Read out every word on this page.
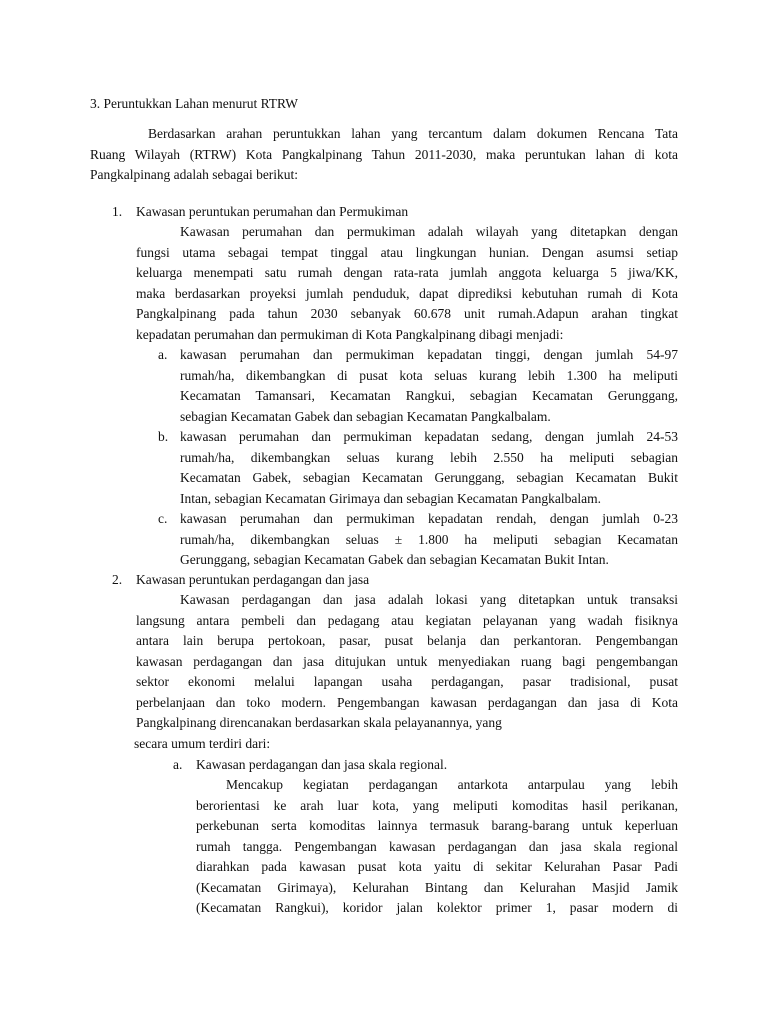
3. Peruntukkan Lahan menurut RTRW
Berdasarkan arahan peruntukkan lahan yang tercantum dalam dokumen Rencana Tata
Ruang Wilayah (RTRW) Kota Pangkalpinang Tahun 2011-2030, maka peruntukan lahan di kota
Pangkalpinang adalah sebagai berikut:
1. Kawasan peruntukan perumahan dan Permukiman
Kawasan perumahan dan permukiman adalah wilayah yang ditetapkan dengan
fungsi utama sebagai tempat tinggal atau lingkungan hunian. Dengan asumsi setiap
keluarga menempati satu rumah dengan rata-rata jumlah anggota keluarga 5 jiwa/KK,
maka berdasarkan proyeksi jumlah penduduk, dapat diprediksi kebutuhan rumah di Kota
Pangkalpinang pada tahun 2030 sebanyak 60.678 unit rumah.Adapun arahan tingkat
kepadatan perumahan dan permukiman di Kota Pangkalpinang dibagi menjadi:
a. kawasan perumahan dan permukiman kepadatan tinggi, dengan jumlah 54-97
rumah/ha, dikembangkan di pusat kota seluas kurang lebih 1.300 ha meliputi
Kecamatan Tamansari, Kecamatan Rangkui, sebagian Kecamatan Gerunggang,
sebagian Kecamatan Gabek dan sebagian Kecamatan Pangkalbalam.
b. kawasan perumahan dan permukiman kepadatan sedang, dengan jumlah 24-53
rumah/ha, dikembangkan seluas kurang lebih 2.550 ha meliputi sebagian
Kecamatan Gabek, sebagian Kecamatan Gerunggang, sebagian Kecamatan Bukit
Intan, sebagian Kecamatan Girimaya dan sebagian Kecamatan Pangkalbalam.
c. kawasan perumahan dan permukiman kepadatan rendah, dengan jumlah 0-23
rumah/ha, dikembangkan seluas ± 1.800 ha meliputi sebagian Kecamatan
Gerunggang, sebagian Kecamatan Gabek dan sebagian Kecamatan Bukit Intan.
2. Kawasan peruntukan perdagangan dan jasa
Kawasan perdagangan dan jasa adalah lokasi yang ditetapkan untuk transaksi
langsung antara pembeli dan pedagang atau kegiatan pelayanan yang wadah fisiknya
antara lain berupa pertokoan, pasar, pusat belanja dan perkantoran. Pengembangan
kawasan perdagangan dan jasa ditujukan untuk menyediakan ruang bagi pengembangan
sektor ekonomi melalui lapangan usaha perdagangan, pasar tradisional, pusat
perbelanjaan dan toko modern. Pengembangan kawasan perdagangan dan jasa di Kota
Pangkalpinang direncanakan berdasarkan skala pelayanannya, yang
secara umum terdiri dari:
a. Kawasan perdagangan dan jasa skala regional.
Mencakup kegiatan perdagangan antarkota antarpulau yang lebih
berorientasi ke arah luar kota, yang meliputi komoditas hasil perikanan,
perkebunan serta komoditas lainnya termasuk barang-barang untuk keperluan
rumah tangga. Pengembangan kawasan perdagangan dan jasa skala regional
diarahkan pada kawasan pusat kota yaitu di sekitar Kelurahan Pasar Padi
(Kecamatan Girimaya), Kelurahan Bintang dan Kelurahan Masjid Jamik
(Kecamatan Rangkui), koridor jalan kolektor primer 1, pasar modern di
